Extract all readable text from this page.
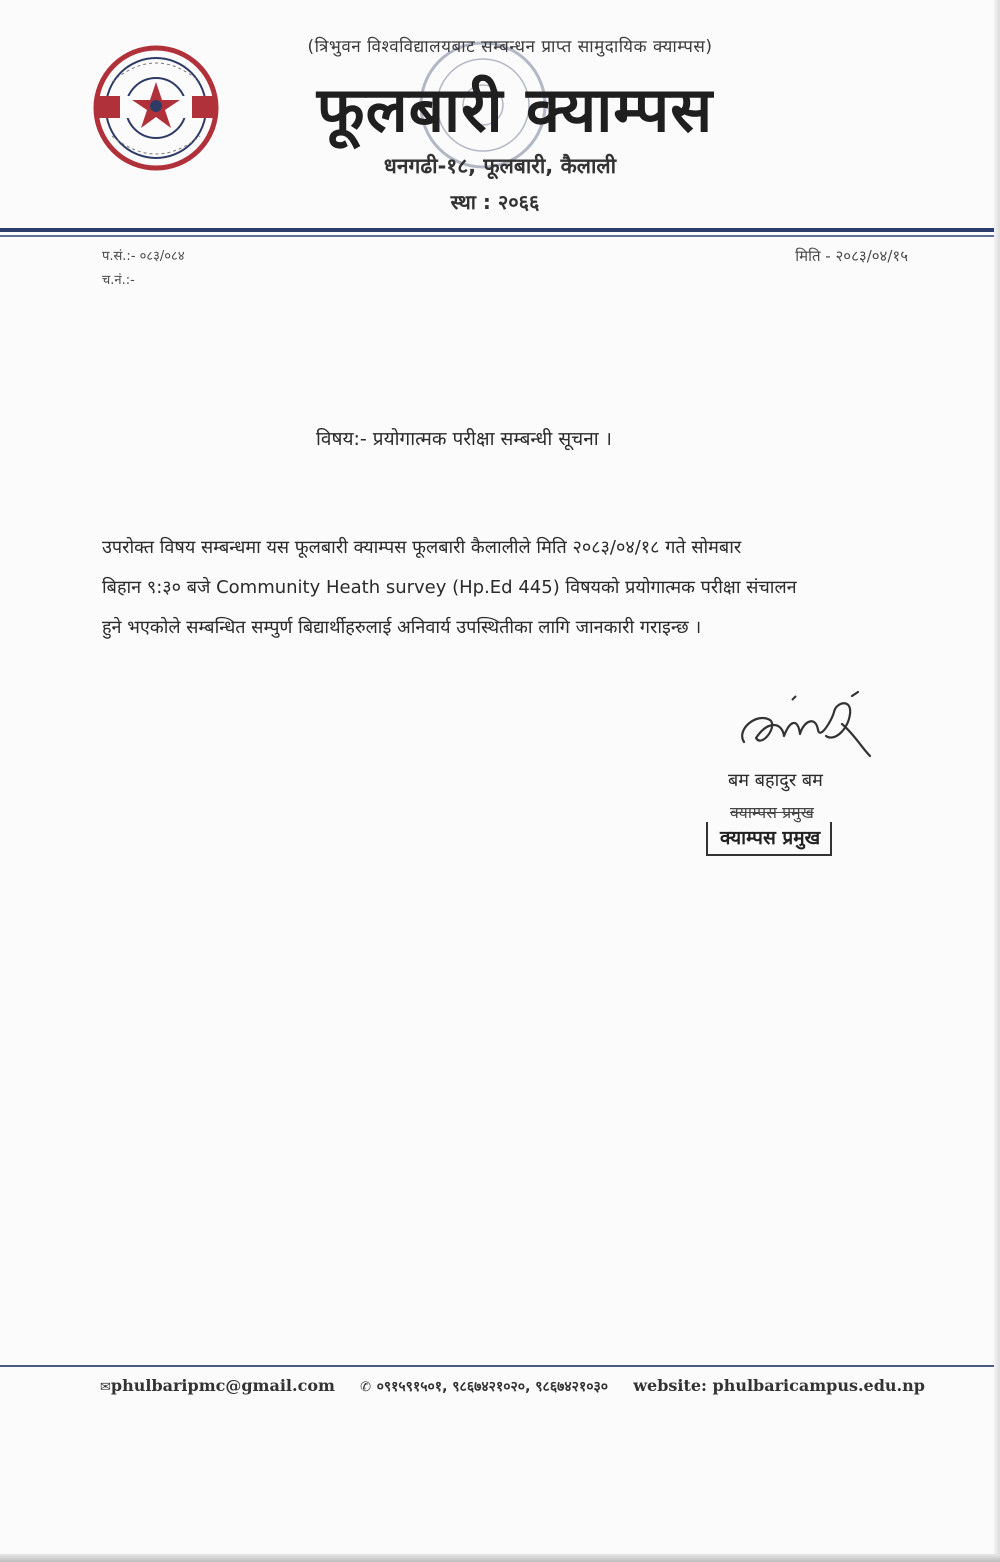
(त्रिभुवन विश्वविद्यालयबाट सम्बन्धन प्राप्त सामुदायिक क्याम्पस)
फूलबारी क्याम्पस
धनगढी-१८, फूलबारी, कैलाली
स्था : २०६६
प.सं.:- ०८३/०८४
च.नं.:-
मिति - २०८३/०४/१५
विषय:- प्रयोगात्मक परीक्षा सम्बन्धी सूचना ।
उपरोक्त विषय सम्बन्धमा यस फूलबारी क्याम्पस फूलबारी कैलालीले मिति २०८३/०४/१८ गते सोमबार
बिहान ९:३० बजे Community Heath survey (Hp.Ed 445) विषयको प्रयोगात्मक परीक्षा संचालन
हुने भएकोले सम्बन्धित सम्पुर्ण बिद्यार्थीहरुलाई अनिवार्य उपस्थितीका लागि जानकारी गराइन्छ ।
बम बहादुर बम
क्याम्पस प्रमुख
क्याम्पस प्रमुख
✉phulbaripmc@gmail.com ✆ ०९१५९१५०१, ९८६७४२१०२०, ९८६७४२१०३० website: phulbaricampus.edu.np
